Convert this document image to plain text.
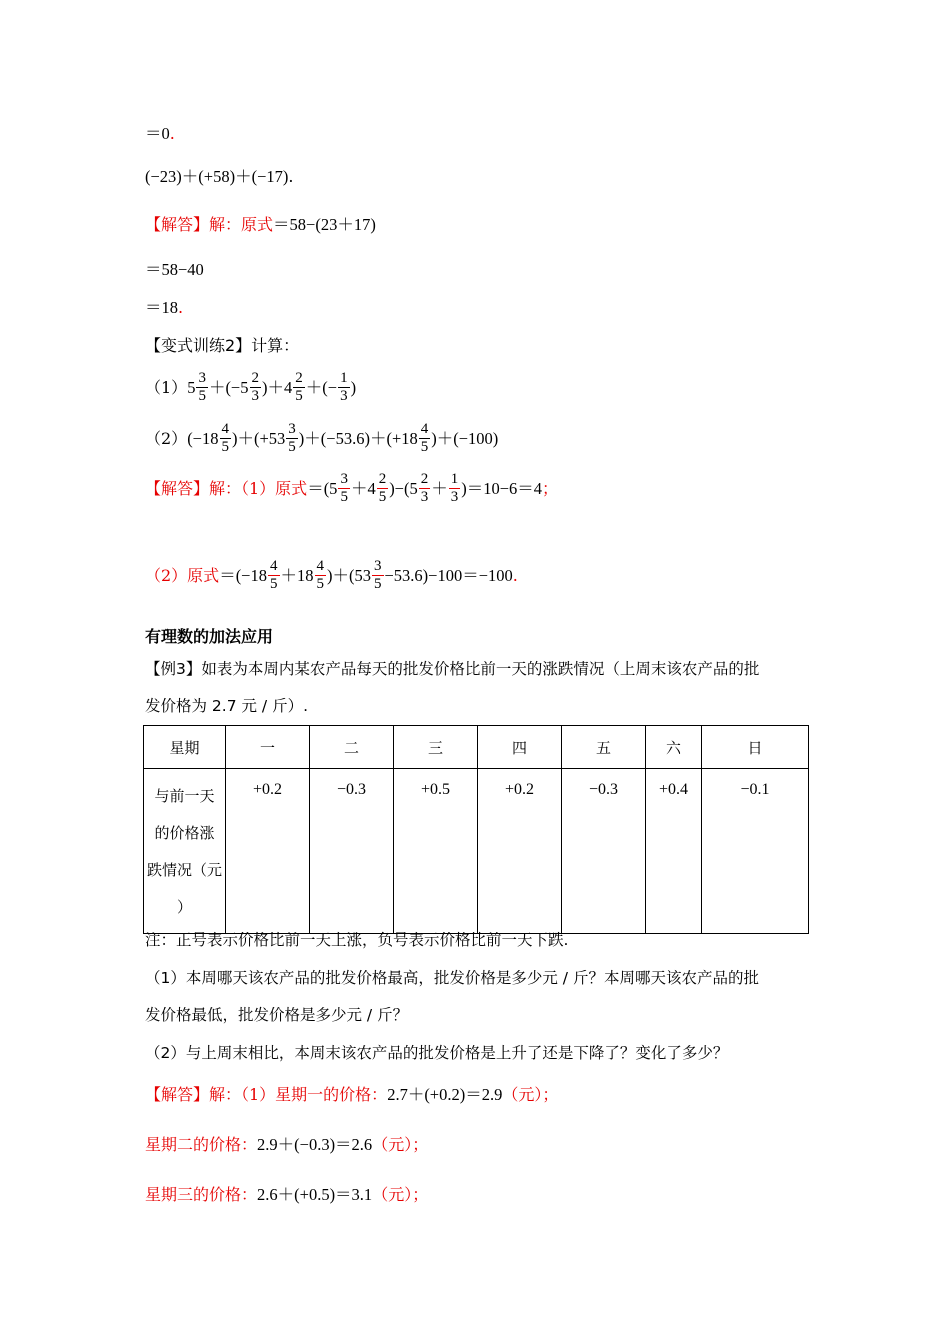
＝0 .
(−23)＋(+58)＋(−17) .
【解答】解：原式 ＝58−(23＋17)
＝58−40
＝18 .
【变式训练2】计算：
（1） $5 \frac{3}{5} +(-5 \frac{2}{3} )+4 \frac{2}{5}$ ＋(− $\frac{1}{3}$ )
（2） $(-18 \frac{4}{5} )+(+53 \frac{3}{5} )+(-53.6)+(+18 \frac{4}{5} )+(-100)$
【解答】解：（1）原式 $=(5 \frac{3}{5} +4 \frac{2}{5} )-(5 \frac{2}{3} + \frac{1}{3} )=10-6=4$ ；
（2）原式 $=(-18 \frac{4}{5} +18 \frac{4}{5} )+(53 \frac{3}{5} -53.6)-100=-100$ .
有理数的加法应用
【例3】如表为本周内某农产品每天的批发价格比前一天的涨跌情况（上周末该农产品的批
发价格为 2.7 元 / 斤）.
星期	一	二	三	四	五	六	日

与前一天
的价格涨
跌情况（元
）	+0.2	−0.3	+0.5	+0.2	−0.3	+0.4	−0.1
注：正号表示价格比前一天上涨，负号表示价格比前一天下跌.
（1）本周哪天该农产品的批发价格最高，批发价格是多少元 / 斤？本周哪天该农产品的批
发价格最低，批发价格是多少元 / 斤？
（2）与上周末相比，本周末该农产品的批发价格是上升了还是下降了？变化了多少？
【解答】解：（1）星期一的价格： 2.7＋(+0.2)＝2.9 （元）；
星期二的价格： 2.9＋(−0.3)＝2.6 （元）；
星期三的价格： 2.6＋(+0.5)＝3.1 （元）；
